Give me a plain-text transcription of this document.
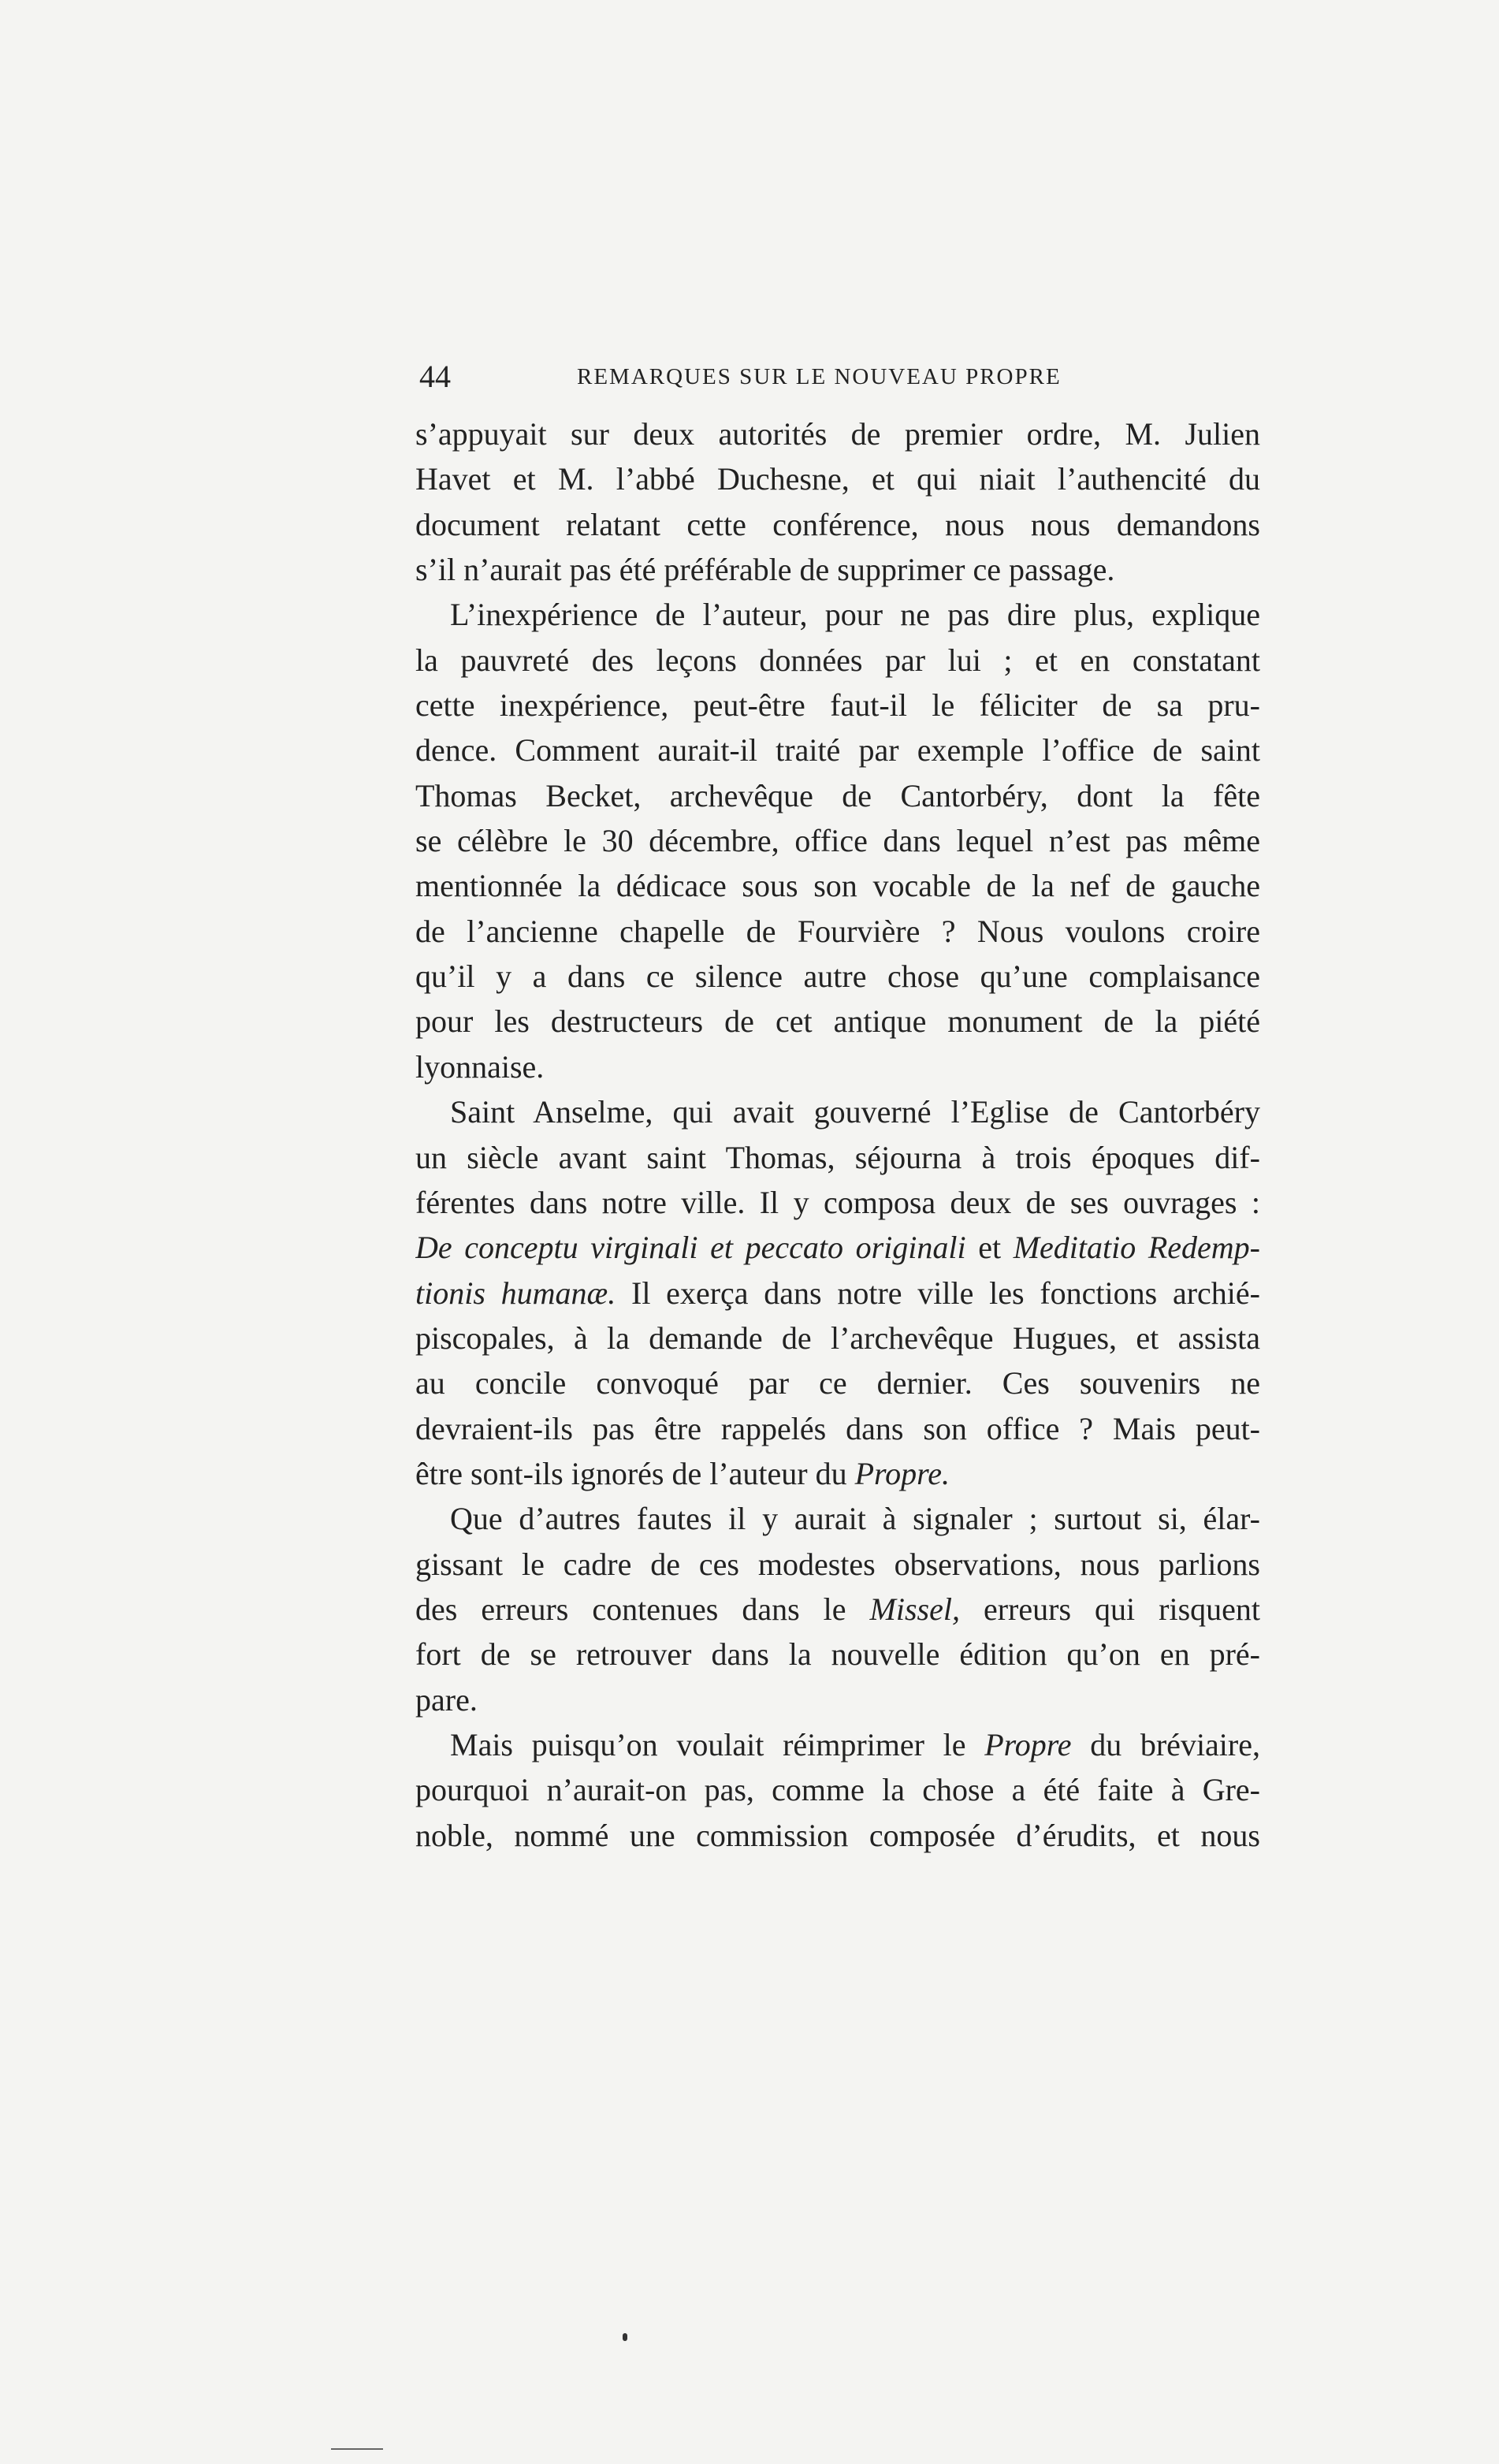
44	REMARQUES SUR LE NOUVEAU PROPRE
s’appuyait sur deux autorités de premier ordre, M. Julien
Havet et M. l’abbé Duchesne, et qui niait l’authencité du
document relatant cette conférence, nous nous demandons
s’il n’aurait pas été préférable de supprimer ce passage.
L’inexpérience de l’auteur, pour ne pas dire plus, explique
la pauvreté des leçons données par lui ; et en constatant
cette inexpérience, peut-être faut-il le féliciter de sa pru-
dence. Comment aurait-il traité par exemple l’office de saint
Thomas Becket, archevêque de Cantorbéry, dont la fête
se célèbre le 30 décembre, office dans lequel n’est pas même
mentionnée la dédicace sous son vocable de la nef de gauche
de l’ancienne chapelle de Fourvière ? Nous voulons croire
qu’il y a dans ce silence autre chose qu’une complaisance
pour les destructeurs de cet antique monument de la piété
lyonnaise.
Saint Anselme, qui avait gouverné l’Eglise de Cantorbéry
un siècle avant saint Thomas, séjourna à trois époques dif-
férentes dans notre ville. Il y composa deux de ses ouvrages :
De conceptu virginali et peccato originali et Meditatio Redemp-
tionis humanæ. Il exerça dans notre ville les fonctions archié-
piscopales, à la demande de l’archevêque Hugues, et assista
au concile convoqué par ce dernier. Ces souvenirs ne
devraient-ils pas être rappelés dans son office ? Mais peut-
être sont-ils ignorés de l’auteur du Propre.
Que d’autres fautes il y aurait à signaler ; surtout si, élar-
gissant le cadre de ces modestes observations, nous parlions
des erreurs contenues dans le Missel, erreurs qui risquent
fort de se retrouver dans la nouvelle édition qu’on en pré-
pare.
Mais puisqu’on voulait réimprimer le Propre du bréviaire,
pourquoi n’aurait-on pas, comme la chose a été faite à Gre-
noble, nommé une commission composée d’érudits, et nous
